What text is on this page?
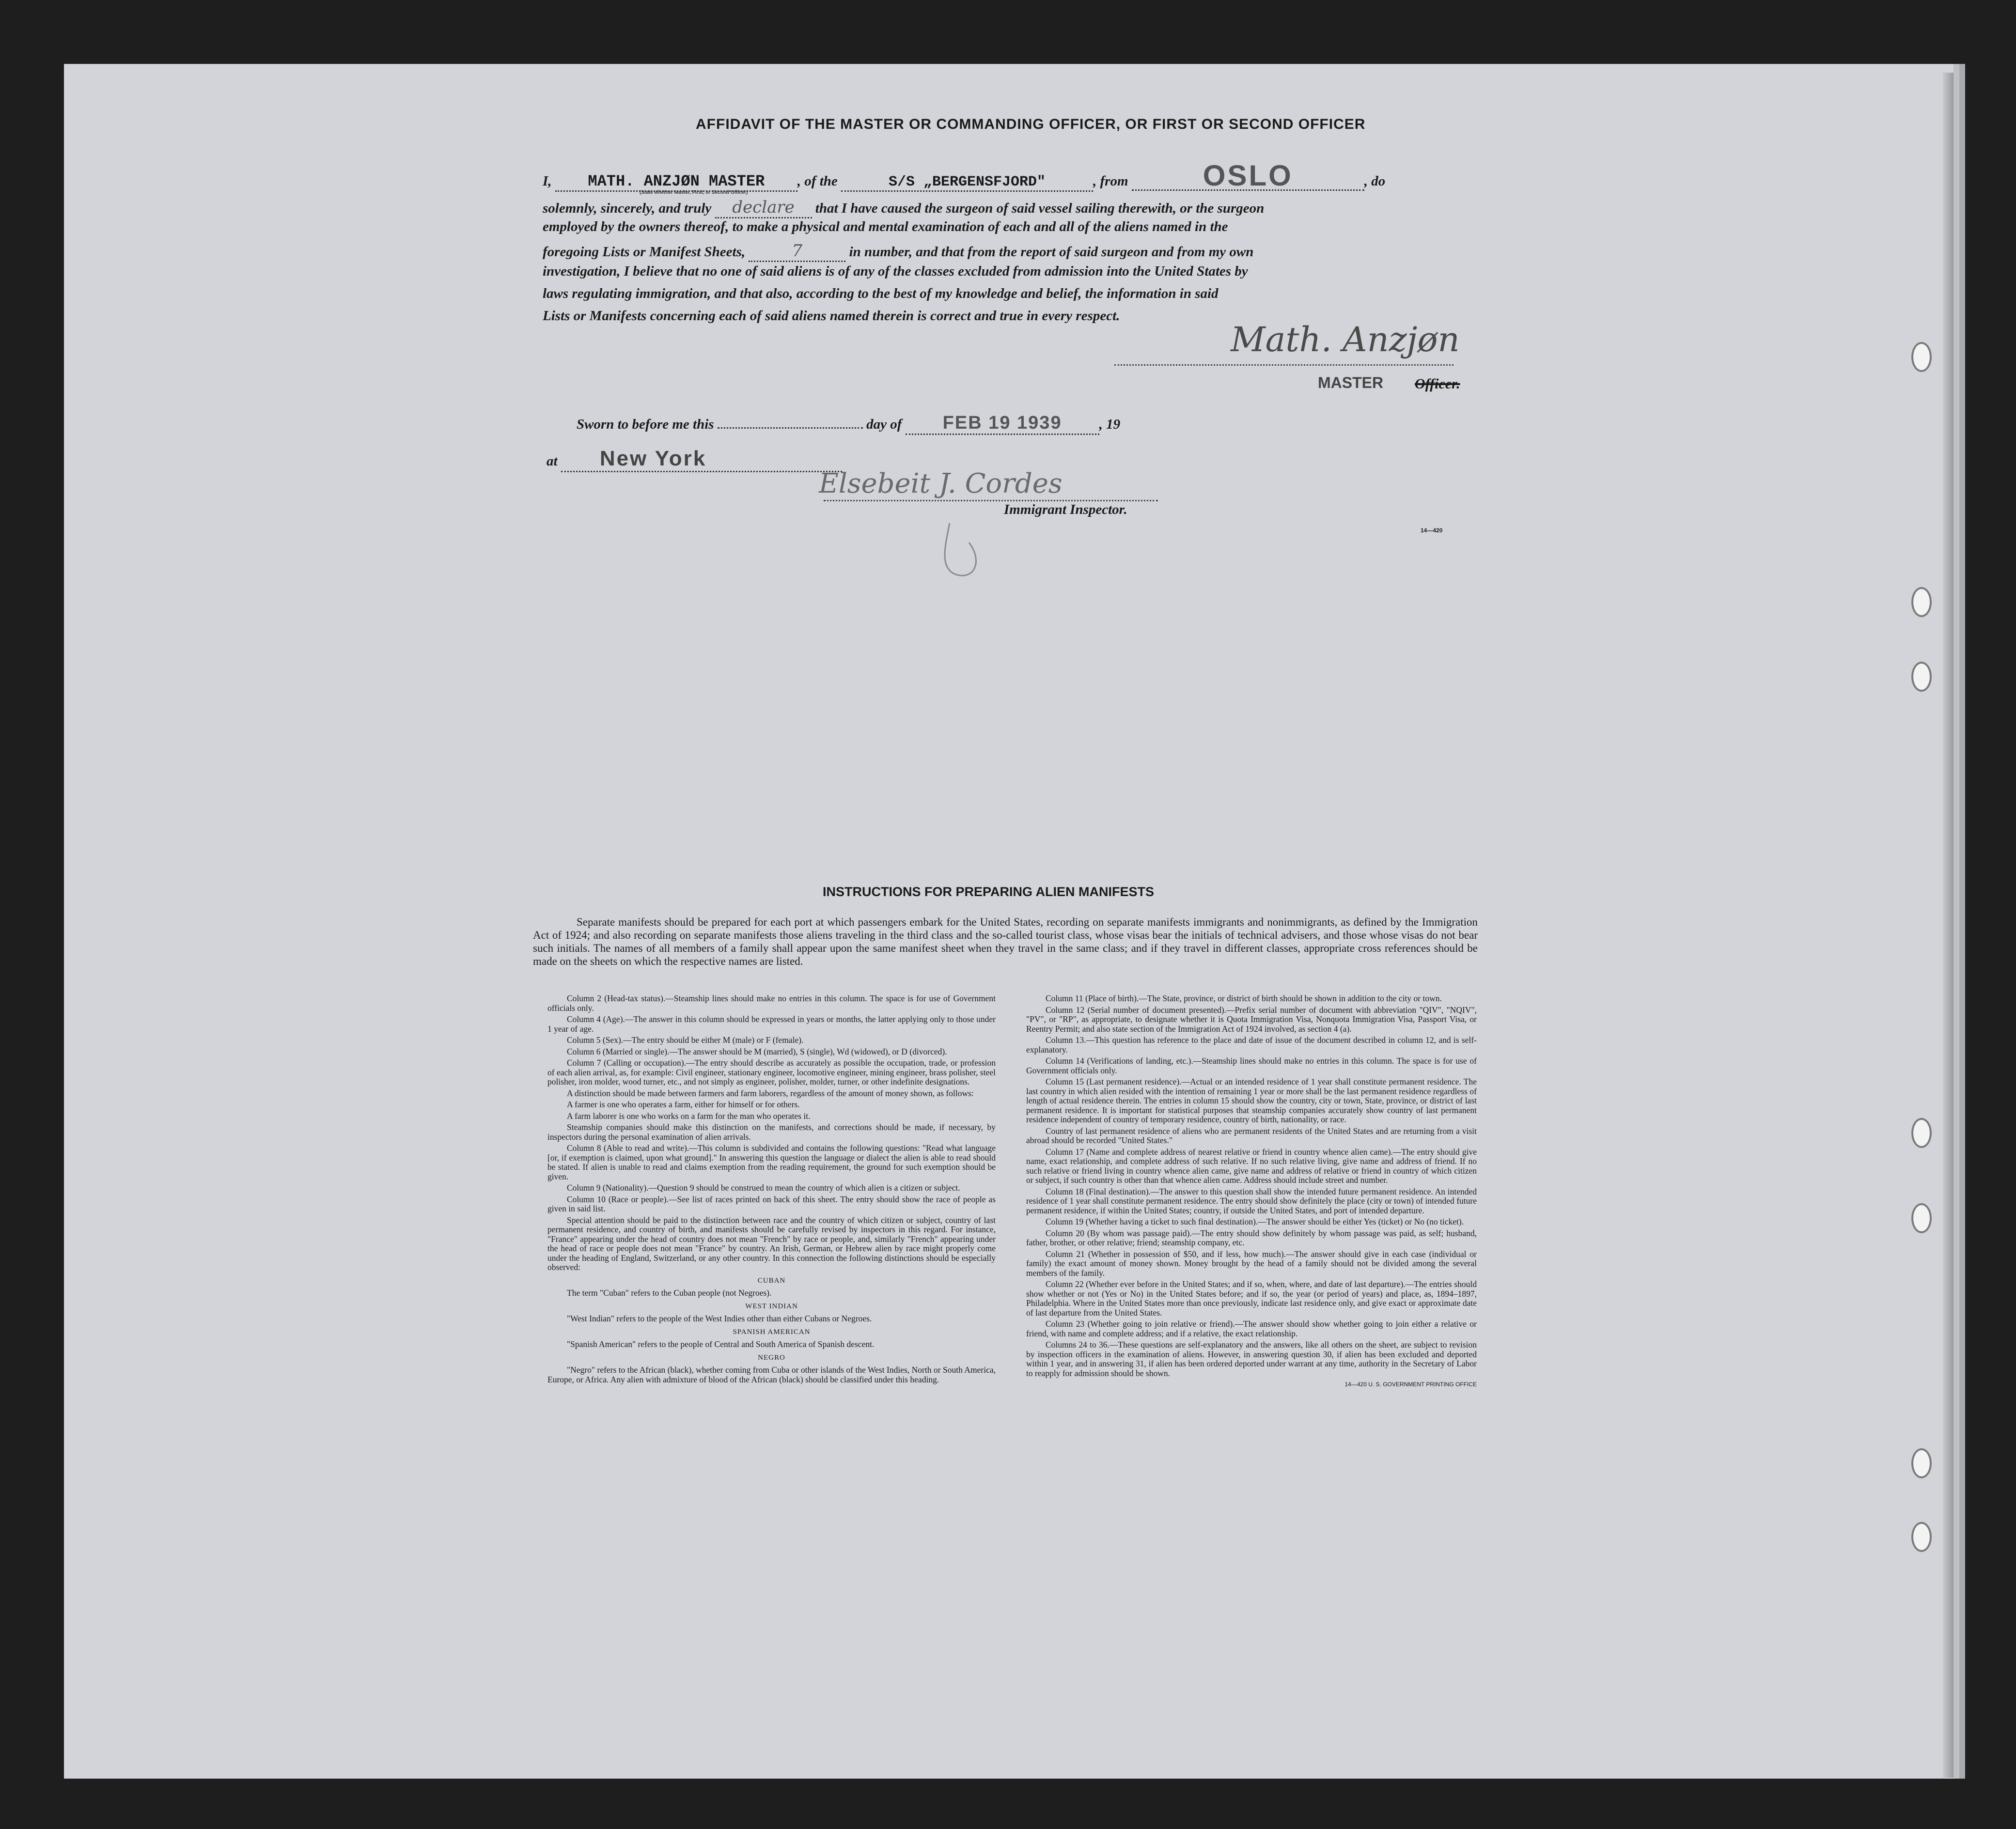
AFFIDAVIT OF THE MASTER OR COMMANDING OFFICER, OR FIRST OR SECOND OFFICER
I, MATH. ANZJØN MASTER , of the	S/S „BERGENSFJORD"	, from	OSLO	, do
(State whether Master, First, or Second Officer)
solemnly, sincerely, and truly declare that I have caused the surgeon of said vessel sailing therewith, or the surgeon
employed by the owners thereof, to make a physical and mental examination of each and all of the aliens named in the
foregoing Lists or Manifest Sheets,	7	in number, and that from the report of said surgeon and from my own
investigation, I believe that no one of said aliens is of any of the classes excluded from admission into the United States by
laws regulating immigration, and that also, according to the best of my knowledge and belief, the information in said
Lists or Manifests concerning each of said aliens named therein is correct and true in every respect.
Math. Anzjøn
MASTER Officer.
Sworn to before me this	day of FEB 19 1939	, 19
at New York
Elsebeit J. Cordes
Immigrant Inspector.
14—420
INSTRUCTIONS FOR PREPARING ALIEN MANIFESTS
Separate manifests should be prepared for each port at which passengers embark for the United States, recording on separate manifests immigrants and nonimmigrants, as defined by the Immigration Act of 1924; and also recording on separate manifests those aliens traveling in the third class and the so-called tourist class, whose visas bear the initials of technical advisers, and those whose visas do not bear such initials. The names of all members of a family shall appear upon the same manifest sheet when they travel in the same class; and if they travel in different classes, appropriate cross references should be made on the sheets on which the respective names are listed.

Column 2 (Head-tax status).—Steamship lines should make no entries in this column. The space is for use of Government officials only.

Column 4 (Age).—The answer in this column should be expressed in years or months, the latter applying only to those under 1 year of age.

Column 5 (Sex).—The entry should be either M (male) or F (female).

Column 6 (Married or single).—The answer should be M (married), S (single), Wd (widowed), or D (divorced).

Column 7 (Calling or occupation).—The entry should describe as accurately as possible the occupation, trade, or profession of each alien arrival, as, for example: Civil engineer, stationary engineer, locomotive engineer, mining engineer, brass polisher, steel polisher, iron molder, wood turner, etc., and not simply as engineer, polisher, molder, turner, or other indefinite designations.

A distinction should be made between farmers and farm laborers, regardless of the amount of money shown, as follows:

A farmer is one who operates a farm, either for himself or for others.

A farm laborer is one who works on a farm for the man who operates it.

Steamship companies should make this distinction on the manifests, and corrections should be made, if necessary, by inspectors during the personal examination of alien arrivals.

Column 8 (Able to read and write).—This column is subdivided and contains the following questions: "Read what language [or, if exemption is claimed, upon what ground]." In answering this question the language or dialect the alien is able to read should be stated. If alien is unable to read and claims exemption from the reading requirement, the ground for such exemption should be given.

Column 9 (Nationality).—Question 9 should be construed to mean the country of which alien is a citizen or subject.

Column 10 (Race or people).—See list of races printed on back of this sheet. The entry should show the race of people as given in said list.

Special attention should be paid to the distinction between race and the country of which citizen or subject, country of last permanent residence, and country of birth, and manifests should be carefully revised by inspectors in this regard. For instance, "France" appearing under the head of country does not mean "French" by race or people, and, similarly "French" appearing under the head of race or people does not mean "France" by country. An Irish, German, or Hebrew alien by race might properly come under the heading of England, Switzerland, or any other country. In this connection the following distinctions should be especially observed:

CUBAN

The term "Cuban" refers to the Cuban people (not Negroes).

WEST INDIAN

"West Indian" refers to the people of the West Indies other than either Cubans or Negroes.

SPANISH AMERICAN

"Spanish American" refers to the people of Central and South America of Spanish descent.

NEGRO

"Negro" refers to the African (black), whether coming from Cuba or other islands of the West Indies, North or South America, Europe, or Africa. Any alien with admixture of blood of the African (black) should be classified under this heading.

Column 11 (Place of birth).—The State, province, or district of birth should be shown in addition to the city or town.

Column 12 (Serial number of document presented).—Prefix serial number of document with abbreviation "QIV", "NQIV", "PV", or "RP", as appropriate, to designate whether it is Quota Immigration Visa, Nonquota Immigration Visa, Passport Visa, or Reentry Permit; and also state section of the Immigration Act of 1924 involved, as section 4 (a).

Column 13.—This question has reference to the place and date of issue of the document described in column 12, and is self-explanatory.

Column 14 (Verifications of landing, etc.).—Steamship lines should make no entries in this column. The space is for use of Government officials only.

Column 15 (Last permanent residence).—Actual or an intended residence of 1 year shall constitute permanent residence. The last country in which alien resided with the intention of remaining 1 year or more shall be the last permanent residence regardless of length of actual residence therein. The entries in column 15 should show the country, city or town, State, province, or district of last permanent residence. It is important for statistical purposes that steamship companies accurately show country of last permanent residence independent of country of temporary residence, country of birth, nationality, or race.

Country of last permanent residence of aliens who are permanent residents of the United States and are returning from a visit abroad should be recorded "United States."

Column 17 (Name and complete address of nearest relative or friend in country whence alien came).—The entry should give name, exact relationship, and complete address of such relative. If no such relative living, give name and address of friend. If no such relative or friend living in country whence alien came, give name and address of relative or friend in country of which citizen or subject, if such country is other than that whence alien came. Address should include street and number.

Column 18 (Final destination).—The answer to this question shall show the intended future permanent residence. An intended residence of 1 year shall constitute permanent residence. The entry should show definitely the place (city or town) of intended future permanent residence, if within the United States; country, if outside the United States, and port of intended departure.

Column 19 (Whether having a ticket to such final destination).—The answer should be either Yes (ticket) or No (no ticket).

Column 20 (By whom was passage paid).—The entry should show definitely by whom passage was paid, as self; husband, father, brother, or other relative; friend; steamship company, etc.

Column 21 (Whether in possession of $50, and if less, how much).—The answer should give in each case (individual or family) the exact amount of money shown. Money brought by the head of a family should not be divided among the several members of the family.

Column 22 (Whether ever before in the United States; and if so, when, where, and date of last departure).—The entries should show whether or not (Yes or No) in the United States before; and if so, the year (or period of years) and place, as, 1894–1897, Philadelphia. Where in the United States more than once previously, indicate last residence only, and give exact or approximate date of last departure from the United States.

Column 23 (Whether going to join relative or friend).—The answer should show whether going to join either a relative or friend, with name and complete address; and if a relative, the exact relationship.

Columns 24 to 36.—These questions are self-explanatory and the answers, like all others on the sheet, are subject to revision by inspection officers in the examination of aliens. However, in answering question 30, if alien has been excluded and deported within 1 year, and in answering 31, if alien has been ordered deported under warrant at any time, authority in the Secretary of Labor to reapply for admission should be shown.

14—420 U. S. GOVERNMENT PRINTING OFFICE
